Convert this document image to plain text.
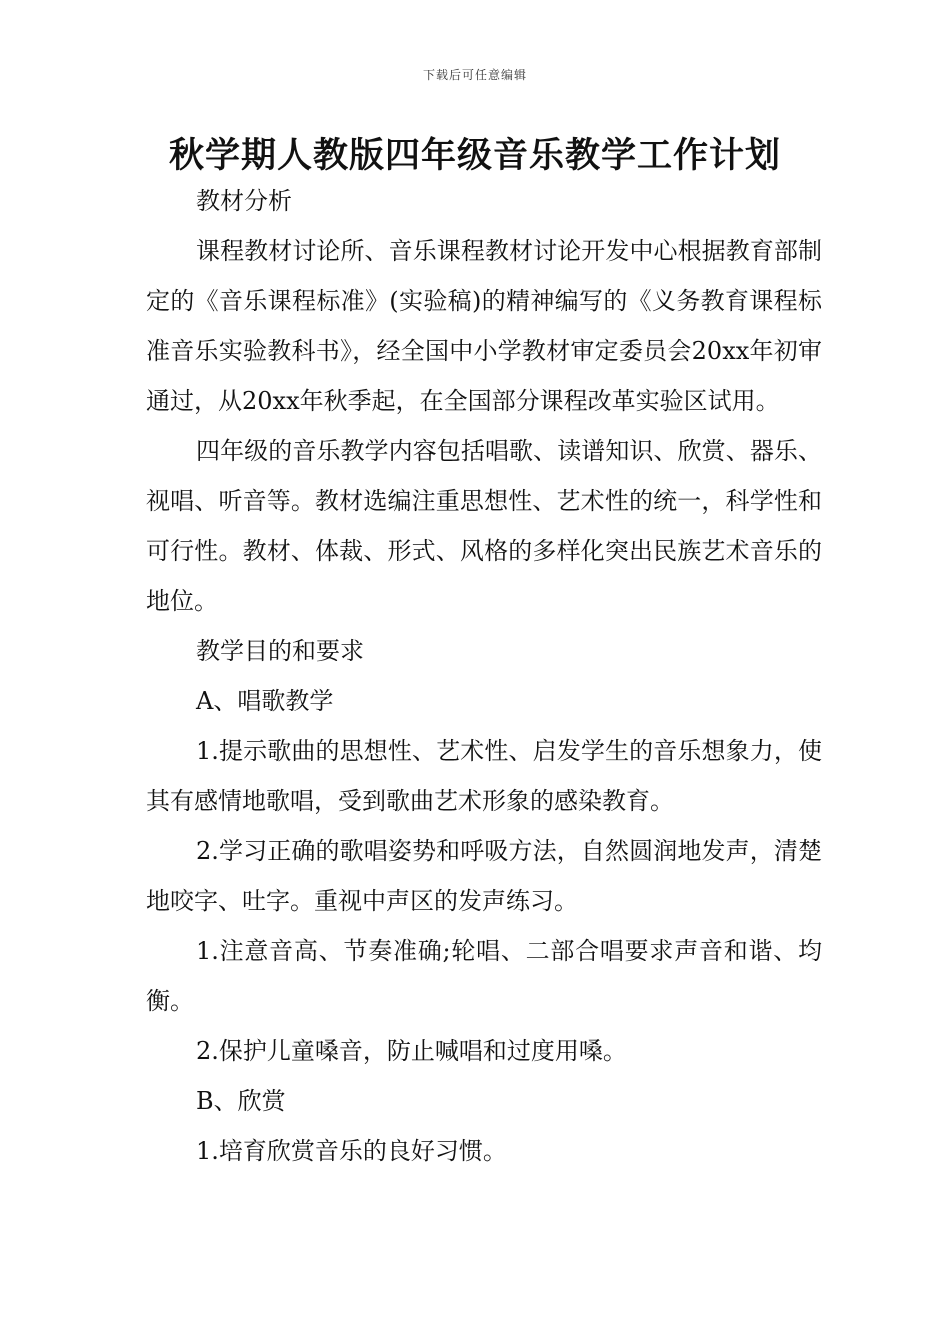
下载后可任意编辑
秋学期人教版四年级音乐教学工作计划

教材分析

课程教材讨论所、音乐课程教材讨论开发中心根据教育部制定的《音乐课程标准》(实验稿)的精神编写的《义务教育课程标准音乐实验教科书》，经全国中小学教材审定委员会20xx年初审通过，从20xx年秋季起，在全国部分课程改革实验区试用。

四年级的音乐教学内容包括唱歌、读谱知识、欣赏、器乐、视唱、听音等。教材选编注重思想性、艺术性的统一，科学性和可行性。教材、体裁、形式、风格的多样化突出民族艺术音乐的地位。

教学目的和要求

A、唱歌教学

1.提示歌曲的思想性、艺术性、启发学生的音乐想象力，使其有感情地歌唱，受到歌曲艺术形象的感染教育。

2.学习正确的歌唱姿势和呼吸方法，自然圆润地发声，清楚地咬字、吐字。重视中声区的发声练习。

1.注意音高、节奏准确;轮唱、二部合唱要求声音和谐、均衡。

2.保护儿童嗓音，防止喊唱和过度用嗓。

B、欣赏

1.培育欣赏音乐的良好习惯。
